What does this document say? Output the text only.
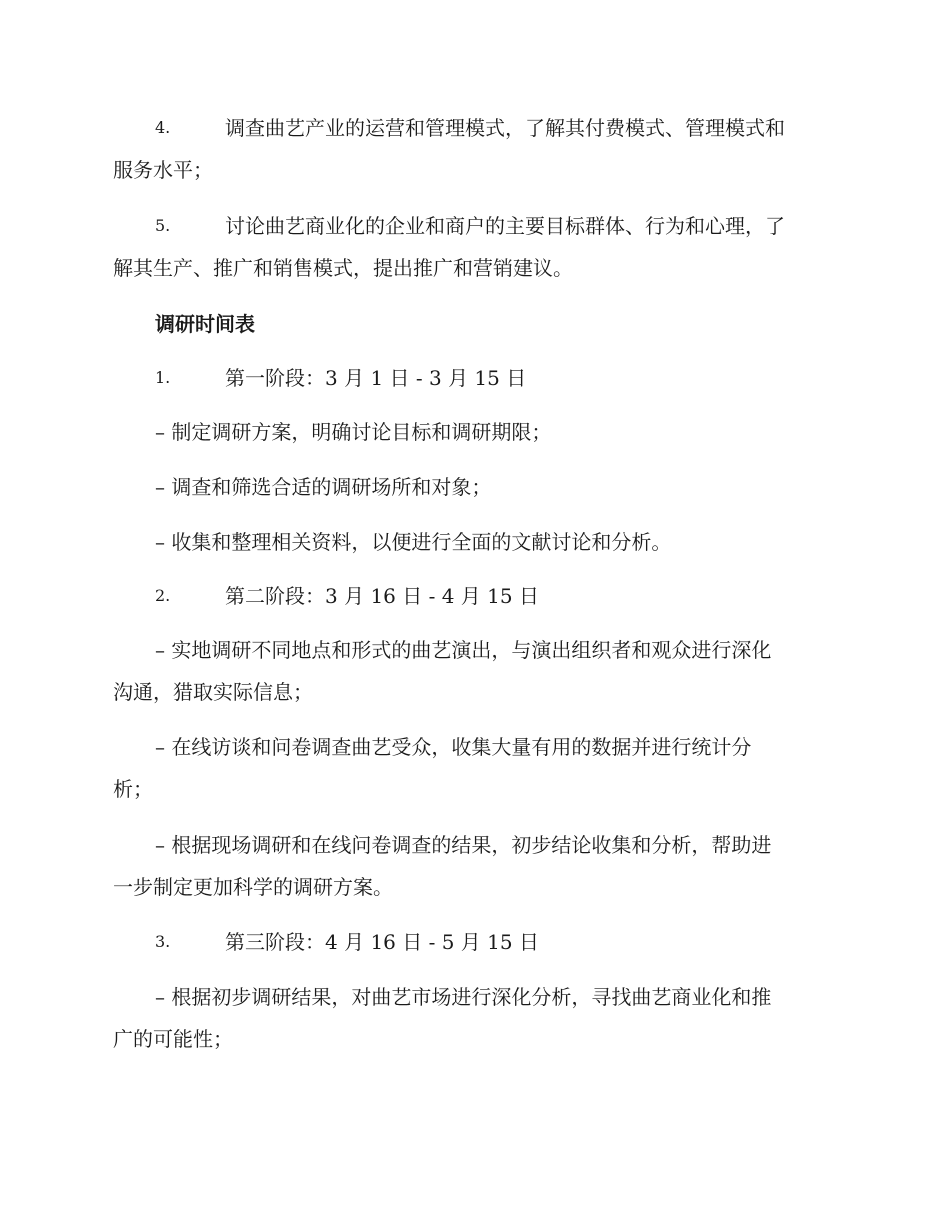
4.	调查曲艺产业的运营和管理模式，了解其付费模式、管理模式和
服务水平；
5.	讨论曲艺商业化的企业和商户的主要目标群体、行为和心理，了
解其生产、推广和销售模式，提出推广和营销建议。
调研时间表
1.	第一阶段：3 月 1 日 - 3 月 15 日
– 制定调研方案，明确讨论目标和调研期限；
– 调查和筛选合适的调研场所和对象；
– 收集和整理相关资料，以便进行全面的文献讨论和分析。
2.	第二阶段：3 月 16 日 - 4 月 15 日
– 实地调研不同地点和形式的曲艺演出，与演出组织者和观众进行深化
沟通，猎取实际信息；
– 在线访谈和问卷调查曲艺受众，收集大量有用的数据并进行统计分
析；
– 根据现场调研和在线问卷调查的结果，初步结论收集和分析，帮助进
一步制定更加科学的调研方案。
3.	第三阶段：4 月 16 日 - 5 月 15 日
– 根据初步调研结果，对曲艺市场进行深化分析，寻找曲艺商业化和推
广的可能性；
